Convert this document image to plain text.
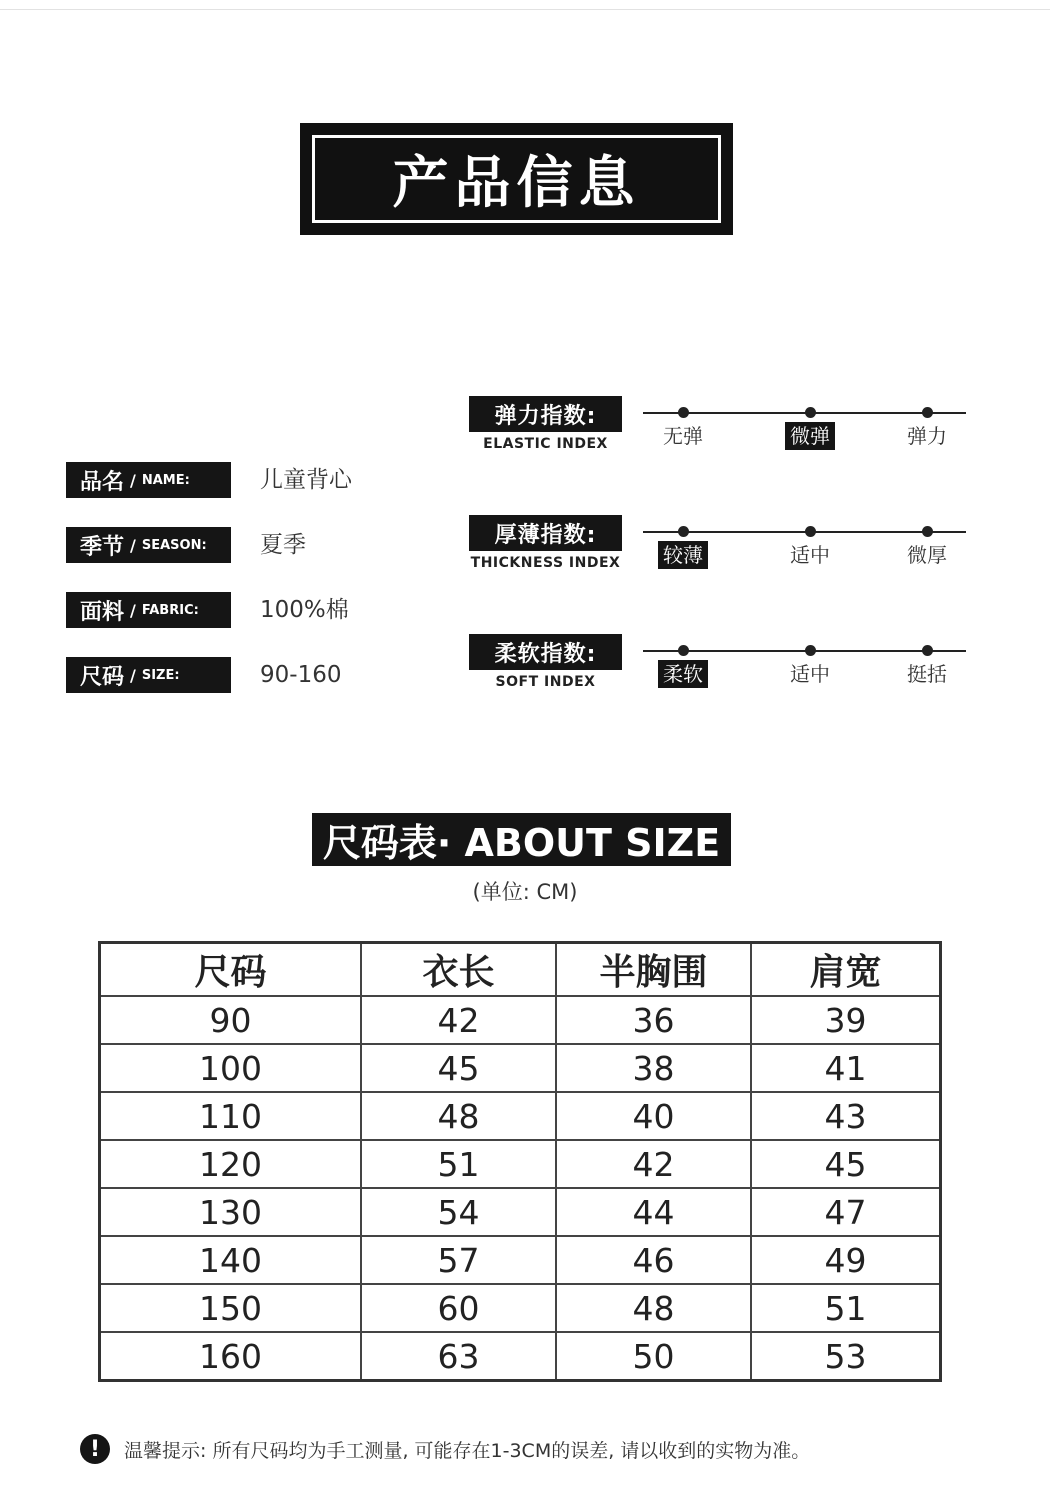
产品信息
品名 / NAME:	儿童背心
季节 / SEASON: 夏季
面料 / FABRIC:	100%棉
尺码 / SIZE:	90-160
弹力指数:
ELASTIC INDEX	无弹	微弹	弹力
厚薄指数:
THICKNESS INDEX 较薄	适中	微厚
柔软指数:
SOFT INDEX	柔软	适中	挺括
尺码表· ABOUT SIZE
(单位: CM)
尺码	衣长	半胸围	肩宽
90	42	36	39
100	45	38	41
110	48	40	43
120	51	42	45
130	54	44	47
140	57	46	49
150	60	48	51
160	63	50	53
!	温馨提示: 所有尺码均为手工测量, 可能存在1-3CM的误差, 请以收到的实物为准。
